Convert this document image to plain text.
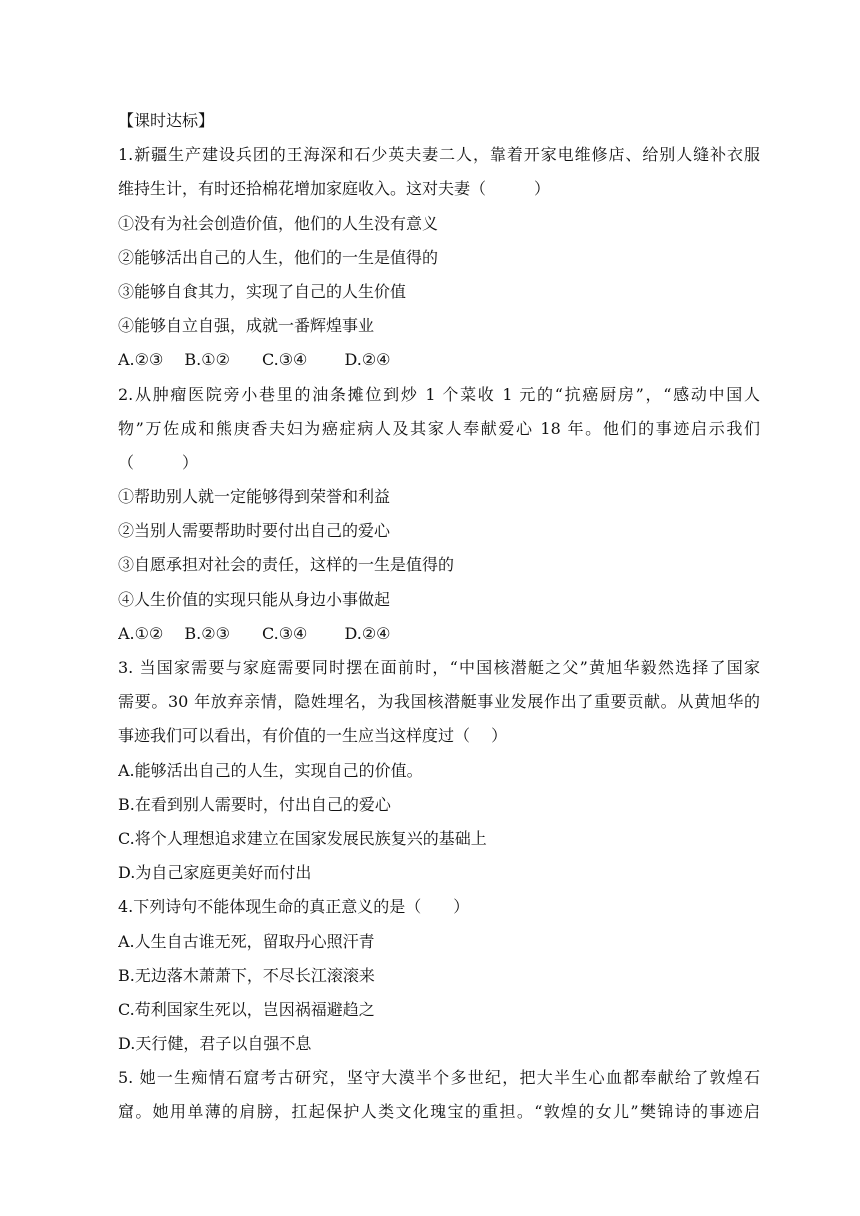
【课时达标】
1.新疆生产建设兵团的王海深和石少英夫妻二人，靠着开家电维修店、给别人缝补衣服
维持生计，有时还拾棉花增加家庭收入。这对夫妻（　　　）
①没有为社会创造价值，他们的人生没有意义
②能够活出自己的人生，他们的一生是值得的
③能够自食其力，实现了自己的人生价值
④能够自立自强，成就一番辉煌事业
A.②③　 B.①②　　C.③④　　 D.②④
2.从肿瘤医院旁小巷里的油条摊位到炒 1 个菜收 1 元的“抗癌厨房”，“感动中国人
物”万佐成和熊庚香夫妇为癌症病人及其家人奉献爱心 18 年。他们的事迹启示我们
（　　　）
①帮助别人就一定能够得到荣誉和利益
②当别人需要帮助时要付出自己的爱心
③自愿承担对社会的责任，这样的一生是值得的
④人生价值的实现只能从身边小事做起
A.①②　 B.②③　　C.③④　　 D.②④
3. 当国家需要与家庭需要同时摆在面前时，“中国核潜艇之父”黄旭华毅然选择了国家
需要。30 年放弃亲情，隐姓埋名，为我国核潜艇事业发展作出了重要贡献。从黄旭华的
事迹我们可以看出，有价值的一生应当这样度过（　 ）
A.能够活出自己的人生，实现自己的价值。
B.在看到别人需要时，付出自己的爱心
C.将个人理想追求建立在国家发展民族复兴的基础上
D.为自己家庭更美好而付出
4.下列诗句不能体现生命的真正意义的是（　　）
A.人生自古谁无死，留取丹心照汗青
B.无边落木萧萧下，不尽长江滚滚来
C.苟利国家生死以，岂因祸福避趋之
D.天行健，君子以自强不息
5. 她一生痴情石窟考古研究，坚守大漠半个多世纪，把大半生心血都奉献给了敦煌石
窟。她用单薄的肩膀，扛起保护人类文化瑰宝的重担。“敦煌的女儿”樊锦诗的事迹启
